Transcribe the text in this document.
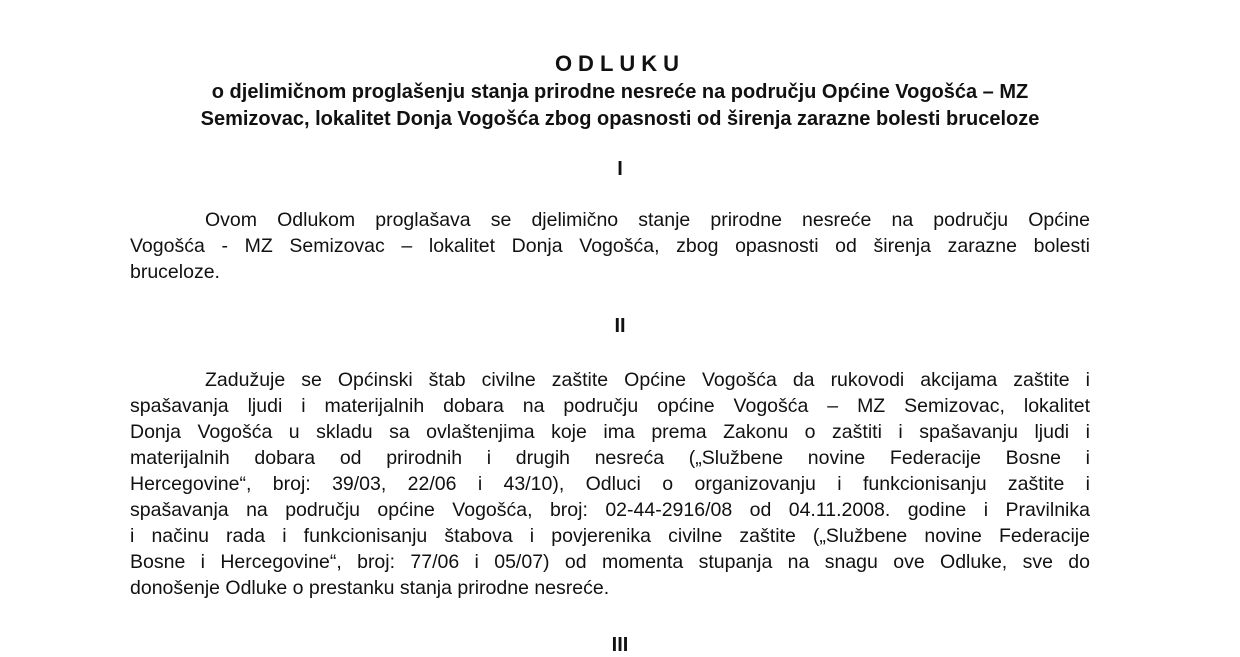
ODLUKU
o djelimičnom proglašenju stanja prirodne nesreće na području Općine Vogošća – MZ
Semizovac, lokalitet Donja Vogošća zbog opasnosti od širenja zarazne bolesti bruceloze
I
Ovom Odlukom proglašava se djelimično stanje prirodne nesreće na području Općine
Vogošća - MZ Semizovac – lokalitet Donja Vogošća, zbog opasnosti od širenja zarazne bolesti
bruceloze.
II
Zadužuje se Općinski štab civilne zaštite Općine Vogošća da rukovodi akcijama zaštite i
spašavanja ljudi i materijalnih dobara na području općine Vogošća – MZ Semizovac, lokalitet
Donja Vogošća u skladu sa ovlaštenjima koje ima prema Zakonu o zaštiti i spašavanju ljudi i
materijalnih dobara od prirodnih i drugih nesreća („Službene novine Federacije Bosne i
Hercegovine“, broj: 39/03, 22/06 i 43/10), Odluci o organizovanju i funkcionisanju zaštite i
spašavanja na području općine Vogošća, broj: 02-44-2916/08 od 04.11.2008. godine i Pravilnika
i načinu rada i funkcionisanju štabova i povjerenika civilne zaštite („Službene novine Federacije
Bosne i Hercegovine“, broj: 77/06 i 05/07) od momenta stupanja na snagu ove Odluke, sve do
donošenje Odluke o prestanku stanja prirodne nesreće.
III
